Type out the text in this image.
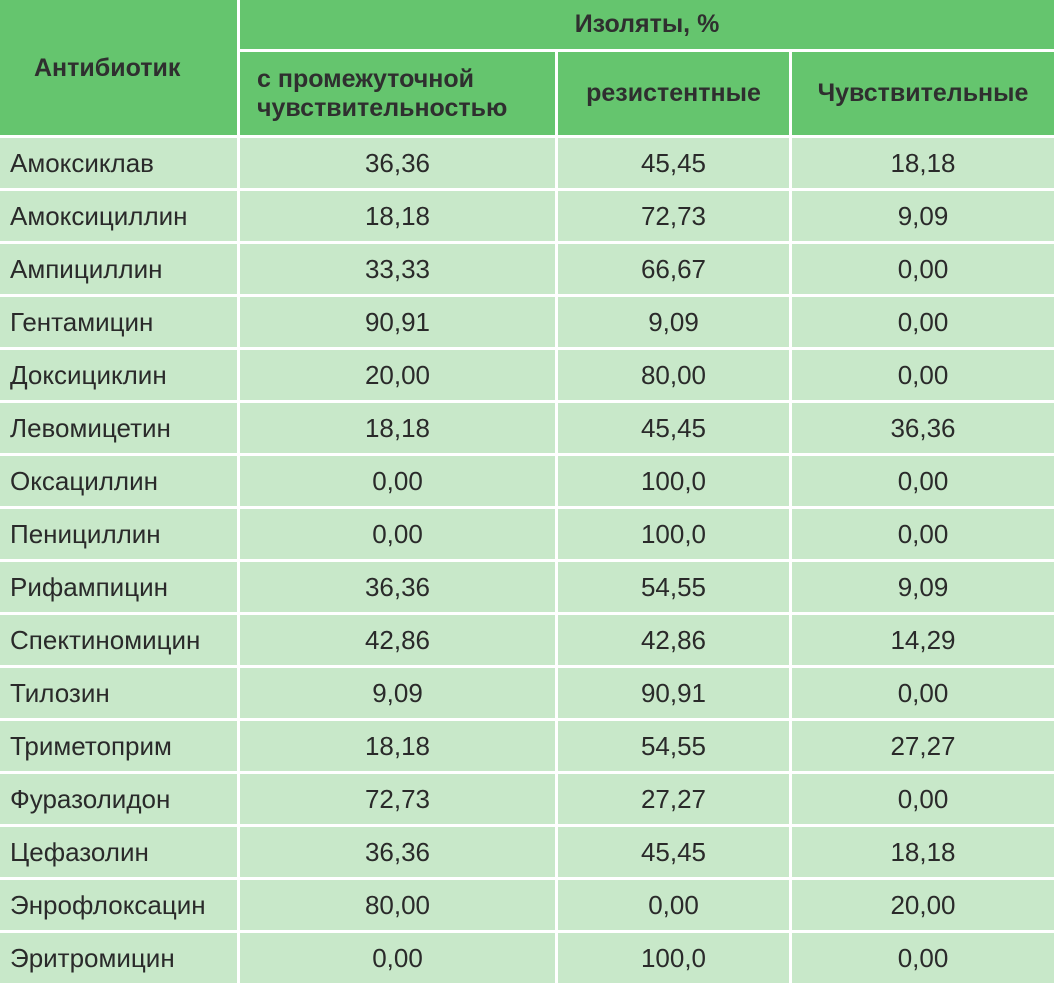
Антибиотик	Изоляты, %		
	с промежуточной чувствительностью	резистентные	Чувствительные
Амоксиклав	36,36	45,45	18,18
Амоксициллин	18,18	72,73	9,09
Ампициллин	33,33	66,67	0,00
Гентамицин	90,91	9,09	0,00
Доксициклин	20,00	80,00	0,00
Левомицетин	18,18	45,45	36,36
Оксациллин	0,00	100,0	0,00
Пенициллин	0,00	100,0	0,00
Рифампицин	36,36	54,55	9,09
Спектиномицин	42,86	42,86	14,29
Тилозин	9,09	90,91	0,00
Триметоприм	18,18	54,55	27,27
Фуразолидон	72,73	27,27	0,00
Цефазолин	36,36	45,45	18,18
Энрофлоксацин	80,00	0,00	20,00
Эритромицин	0,00	100,0	0,00
